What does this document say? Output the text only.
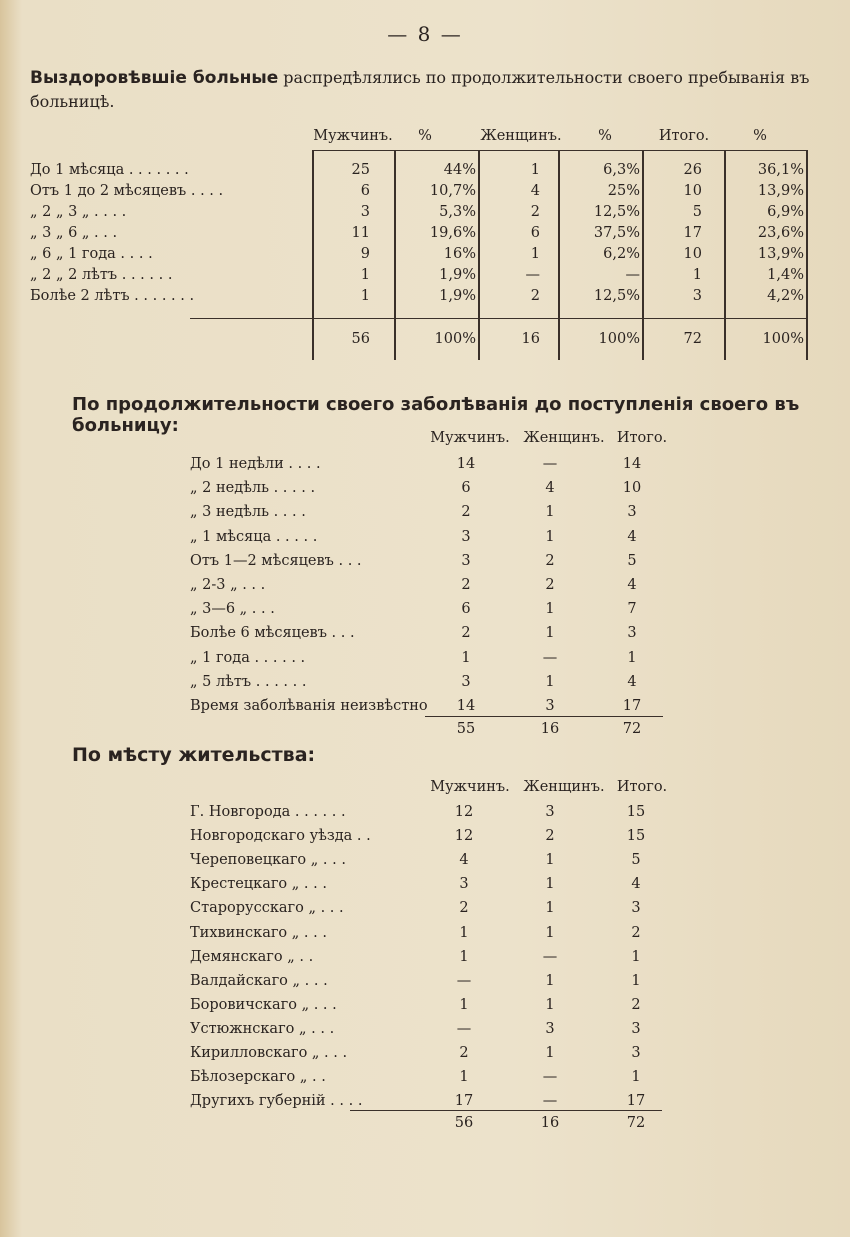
— 8 —
Выздоровѣвшіе больные распредѣлялись по продолжительности своего пребыванія въ больницѣ.
Мужчинъ.	%	Женщинъ.	%	Итого.	%
До 1 мѣсяца . . . . . . .	25	44%	1	6,3%	26	36,1%
Отъ 1 до 2 мѣсяцевъ . . . .	6	10,7%	4	25%	10	13,9%
„ 2 „ 3 „ . . . .	3	5,3%	2	12,5%	5	6,9%
„ 3 „ 6 „ . . .	11	19,6%	6	37,5%	17	23,6%
„ 6 „ 1 года . . . .	9	16%	1	6,2%	10	13,9%
„ 2 „ 2 лѣтъ . . . . . .	1	1,9%	—	—	1	1,4%
Болѣе 2 лѣтъ . . . . . . .	1	1,9%	2	12,5%	3	4,2%
56	100%	16	100%	72	100%
По продолжительности своего заболѣванія до поступленія своего въ больницу:
Мужчинъ. Женщинъ. Итого.
До 1 недѣли . . . .	14	—	14
„ 2 недѣль . . . . .	6	4	10
„ 3 недѣль . . . .	2	1	3
„ 1 мѣсяца . . . . .	3	1	4
Отъ 1—2 мѣсяцевъ . . .	3	2	5
„ 2-3 „ . . .	2	2	4
„ 3—6 „ . . .	6	1	7
Болѣе 6 мѣсяцевъ . . .	2	1	3
„ 1 года . . . . . .	1	—	1
„ 5 лѣтъ . . . . . .	3	1	4
Время заболѣванія неизвѣстно	14	3	17
55	16	72
По мѣсту жительства:
Мужчинъ. Женщинъ. Итого.
Г. Новгорода . . . . . .	12	3	15
Новгородскаго уѣзда . .	12	2	15
Череповецкаго „ . . .	4	1	5
Крестецкаго „ . . .	3	1	4
Старорусскаго „ . . .	2	1	3
Тихвинскаго „ . . .	1	1	2
Демянскаго „ . .	1	—	1
Валдайскаго „ . . .	—	1	1
Боровичскаго „ . . .	1	1	2
Устюжнскаго „ . . .	—	3	3
Кирилловскаго „ . . .	2	1	3
Бѣлозерскаго „ . .	1	—	1
Другихъ губерній . . . .	17	—	17
56	16	72
